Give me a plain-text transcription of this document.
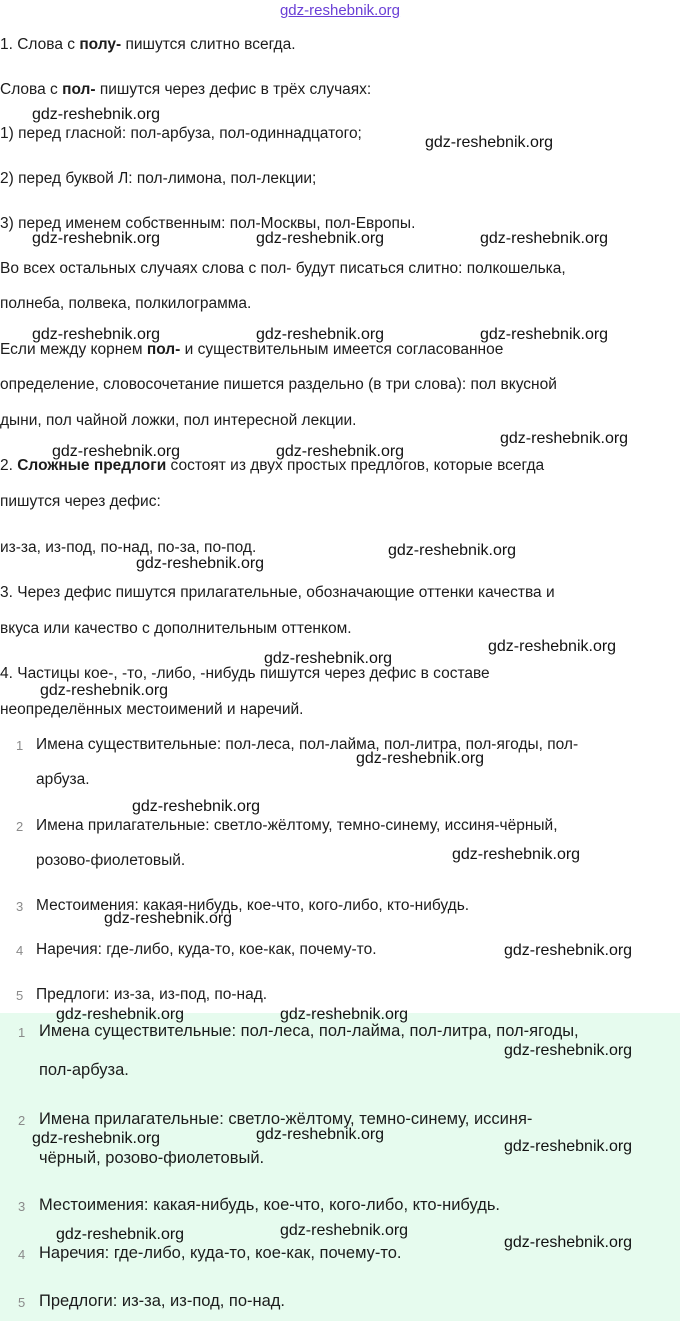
gdz-reshebnik.org
1. Слова с полу- пишутся слитно всегда.
Слова с пол- пишутся через дефис в трёх случаях:
1) перед гласной: пол-арбуза, пол-одиннадцатого;
2) перед буквой Л: пол-лимона, пол-лекции;
3) перед именем собственным: пол-Москвы, пол-Европы.
Во всех остальных случаях слова с пол- будут писаться слитно: полкошелька,
полнеба, полвека, полкилограмма.
Если между корнем пол- и существительным имеется согласованное
определение, словосочетание пишется раздельно (в три слова): пол вкусной
дыни, пол чайной ложки, пол интересной лекции.
2. Сложные предлоги состоят из двух простых предлогов, которые всегда
пишутся через дефис:
из-за, из-под, по-над, по-за, по-под.
3. Через дефис пишутся прилагательные, обозначающие оттенки качества и
вкуса или качество с дополнительным оттенком.
4. Частицы кое-, -то, -либо, -нибудь пишутся через дефис в составе
неопределённых местоимений и наречий.
1 Имена существительные: пол-леса, пол-лайма, пол-литра, пол-ягоды, пол-
арбуза.
2 Имена прилагательные: светло-жёлтому, темно-синему, иссиня-чёрный,
розово-фиолетовый.
3 Местоимения: какая-нибудь, кое-что, кого-либо, кто-нибудь.
4 Наречия: где-либо, куда-то, кое-как, почему-то.
5 Предлоги: из-за, из-под, по-над.
1 Имена существительные: пол-леса, пол-лайма, пол-литра, пол-ягоды,
пол-арбуза.
2 Имена прилагательные: светло-жёлтому, темно-синему, иссиня-
чёрный, розово-фиолетовый.
3 Местоимения: какая-нибудь, кое-что, кого-либо, кто-нибудь.
4 Наречия: где-либо, куда-то, кое-как, почему-то.
5 Предлоги: из-за, из-под, по-над.
gdz-reshebnik.org
gdz-reshebnik.org
gdz-reshebnik.org	gdz-reshebnik.org	gdz-reshebnik.org
gdz-reshebnik.org	gdz-reshebnik.org	gdz-reshebnik.org
gdz-reshebnik.org
gdz-reshebnik.org	gdz-reshebnik.org
gdz-reshebnik.org
gdz-reshebnik.org
gdz-reshebnik.org
gdz-reshebnik.org
gdz-reshebnik.org
gdz-reshebnik.org
gdz-reshebnik.org
gdz-reshebnik.org
gdz-reshebnik.org
gdz-reshebnik.org
gdz-reshebnik.org	gdz-reshebnik.org
gdz-reshebnik.org
gdz-reshebnik.org	gdz-reshebnik.org
gdz-reshebnik.org
gdz-reshebnik.org	gdz-reshebnik.org
gdz-reshebnik.org
